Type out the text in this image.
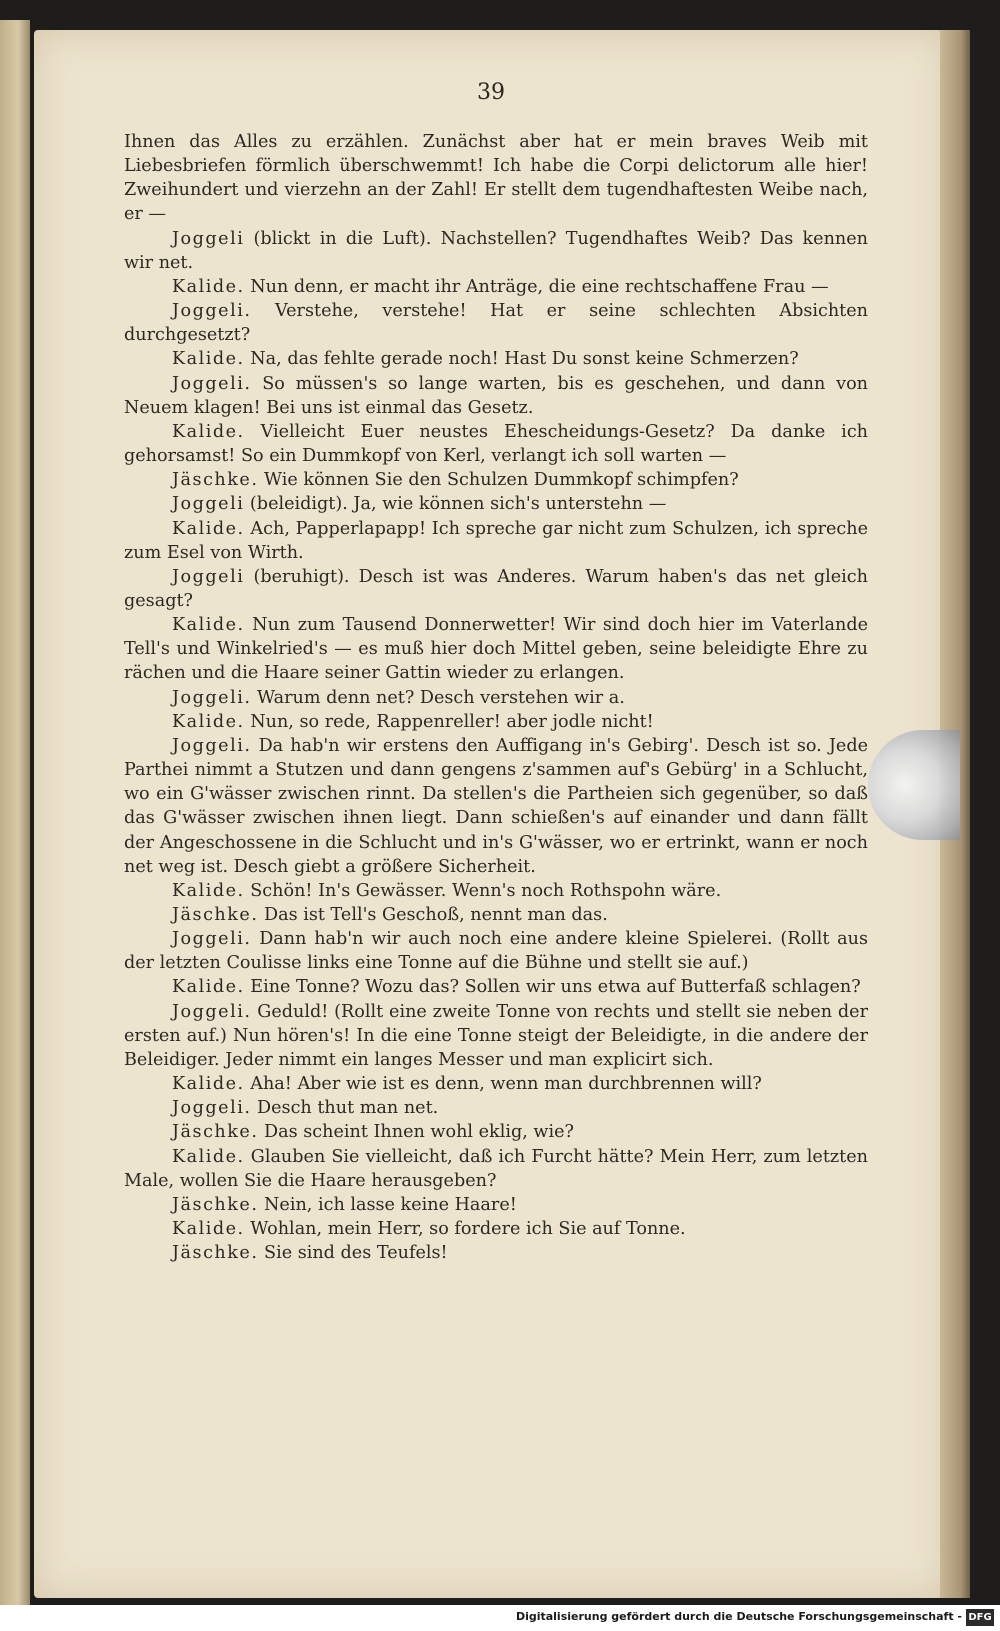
39

Ihnen das Alles zu erzählen. Zunächst aber hat er mein braves Weib mit Liebesbriefen förmlich überschwemmt! Ich habe die Corpi delictorum alle hier! Zweihundert und vierzehn an der Zahl! Er stellt dem tugendhaftesten Weibe nach, er —

Joggeli (blickt in die Luft). Nachstellen? Tugendhaftes Weib? Das kennen wir net.

Kalide. Nun denn, er macht ihr Anträge, die eine rechtschaffene Frau —

Joggeli. Verstehe, verstehe! Hat er seine schlechten Absichten durchgesetzt?

Kalide. Na, das fehlte gerade noch! Hast Du sonst keine Schmerzen?

Joggeli. So müssen's so lange warten, bis es geschehen, und dann von Neuem klagen! Bei uns ist einmal das Gesetz.

Kalide. Vielleicht Euer neustes Ehescheidungs-Gesetz? Da danke ich gehorsamst! So ein Dummkopf von Kerl, verlangt ich soll warten —

Jäschke. Wie können Sie den Schulzen Dummkopf schimpfen?

Joggeli (beleidigt). Ja, wie können sich's unterstehn —

Kalide. Ach, Papperlapapp! Ich spreche gar nicht zum Schulzen, ich spreche zum Esel von Wirth.

Joggeli (beruhigt). Desch ist was Anderes. Warum haben's das net gleich gesagt?

Kalide. Nun zum Tausend Donnerwetter! Wir sind doch hier im Vaterlande Tell's und Winkelried's — es muß hier doch Mittel geben, seine beleidigte Ehre zu rächen und die Haare seiner Gattin wieder zu erlangen.

Joggeli. Warum denn net? Desch verstehen wir a.

Kalide. Nun, so rede, Rappenreller! aber jodle nicht!

Joggeli. Da hab'n wir erstens den Auffigang in's Gebirg'. Desch ist so. Jede Parthei nimmt a Stutzen und dann gengens z'sammen auf's Gebürg' in a Schlucht, wo ein G'wässer zwischen rinnt. Da stellen's die Partheien sich gegenüber, so daß das G'wässer zwischen ihnen liegt. Dann schießen's auf einander und dann fällt der Angeschossene in die Schlucht und in's G'wässer, wo er ertrinkt, wann er noch net weg ist. Desch giebt a größere Sicherheit.

Kalide. Schön! In's Gewässer. Wenn's noch Rothspohn wäre.

Jäschke. Das ist Tell's Geschoß, nennt man das.

Joggeli. Dann hab'n wir auch noch eine andere kleine Spielerei. (Rollt aus der letzten Coulisse links eine Tonne auf die Bühne und stellt sie auf.)

Kalide. Eine Tonne? Wozu das? Sollen wir uns etwa auf Butterfaß schlagen?

Joggeli. Geduld! (Rollt eine zweite Tonne von rechts und stellt sie neben der ersten auf.) Nun hören's! In die eine Tonne steigt der Beleidigte, in die andere der Beleidiger. Jeder nimmt ein langes Messer und man explicirt sich.

Kalide. Aha! Aber wie ist es denn, wenn man durchbrennen will?

Joggeli. Desch thut man net.

Jäschke. Das scheint Ihnen wohl eklig, wie?

Kalide. Glauben Sie vielleicht, daß ich Furcht hätte? Mein Herr, zum letzten Male, wollen Sie die Haare herausgeben?

Jäschke. Nein, ich lasse keine Haare!

Kalide. Wohlan, mein Herr, so fordere ich Sie auf Tonne.

Jäschke. Sie sind des Teufels!

Digitalisierung gefördert durch die Deutsche Forschungsgemeinschaft - DFG
